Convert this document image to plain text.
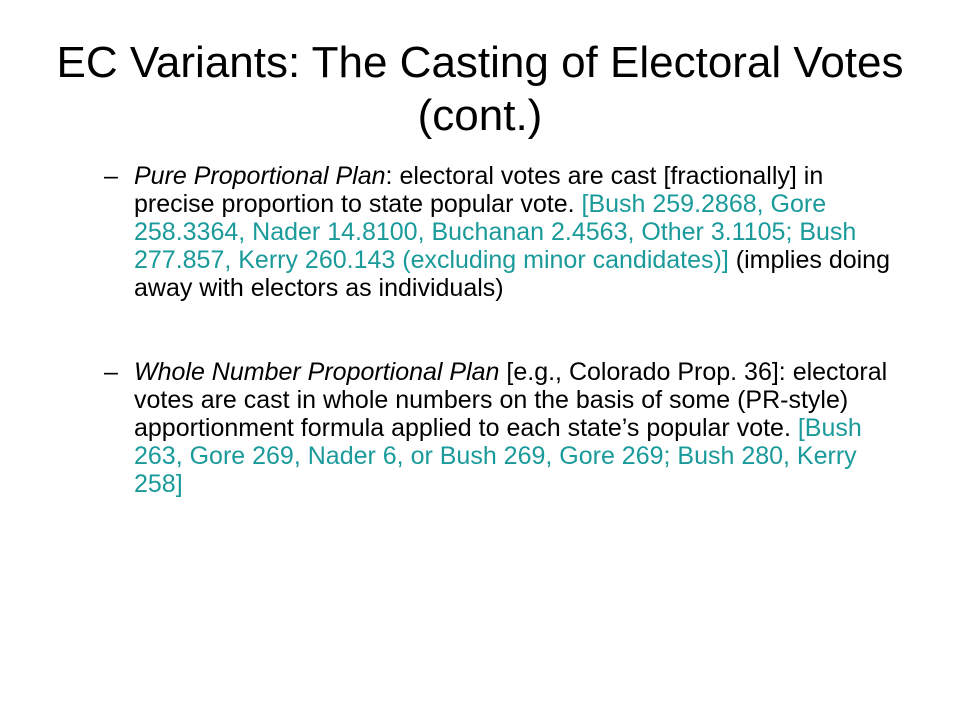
EC Variants: The Casting of Electoral Votes (cont.)
– Pure Proportional Plan: electoral votes are cast [fractionally] in precise proportion to state popular vote. [Bush 259.2868, Gore 258.3364, Nader 14.8100, Buchanan 2.4563, Other 3.1105; Bush 277.857, Kerry 260.143 (excluding minor candidates)] (implies doing away with electors as individuals)
– Whole Number Proportional Plan [e.g., Colorado Prop. 36]: electoral votes are cast in whole numbers on the basis of some (PR-style) apportionment formula applied to each state’s popular vote. [Bush 263, Gore 269, Nader 6, or Bush 269, Gore 269; Bush 280, Kerry 258]
